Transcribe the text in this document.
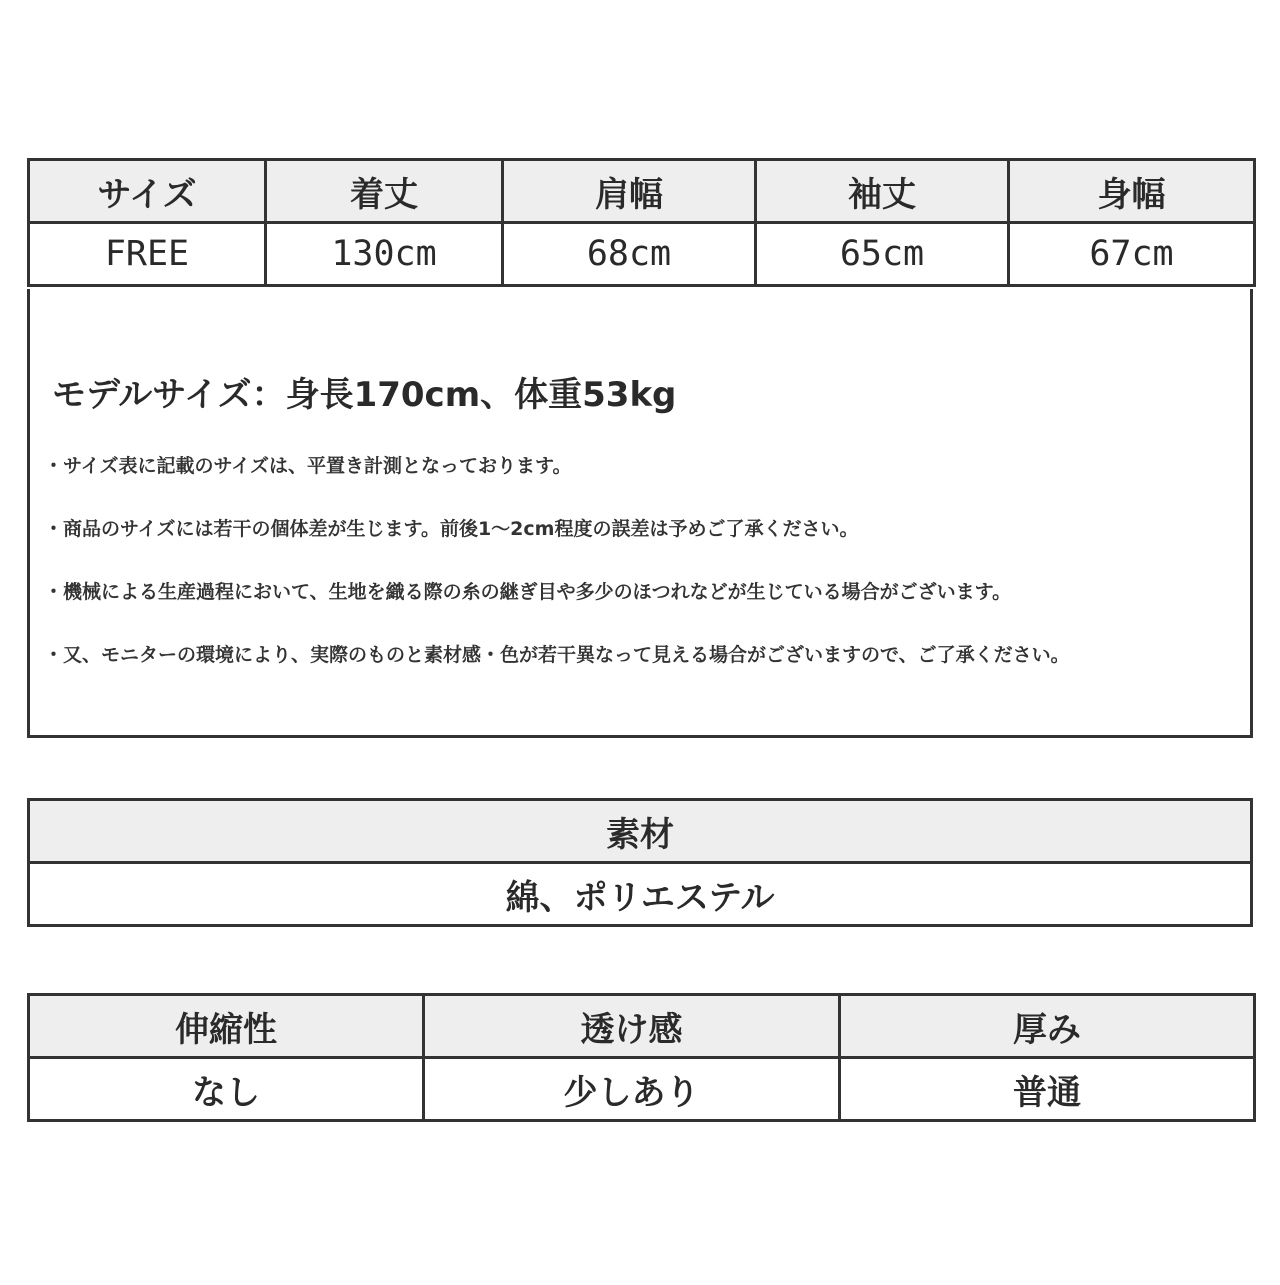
サイズ	着丈	肩幅	袖丈	身幅
FREE	130cm	68cm	65cm	67cm
モデルサイズ：身長170cm、体重53kg
・サイズ表に記載のサイズは、平置き計測となっております。
・商品のサイズには若干の個体差が生じます。前後1～2cm程度の誤差は予めご了承ください。
・機械による生産過程において、生地を織る際の糸の継ぎ目や多少のほつれなどが生じている場合がございます。
・又、モニターの環境により、実際のものと素材感・色が若干異なって見える場合がございますので、ご了承ください。
素材
綿、ポリエステル
伸縮性	透け感	厚み
なし	少しあり	普通
